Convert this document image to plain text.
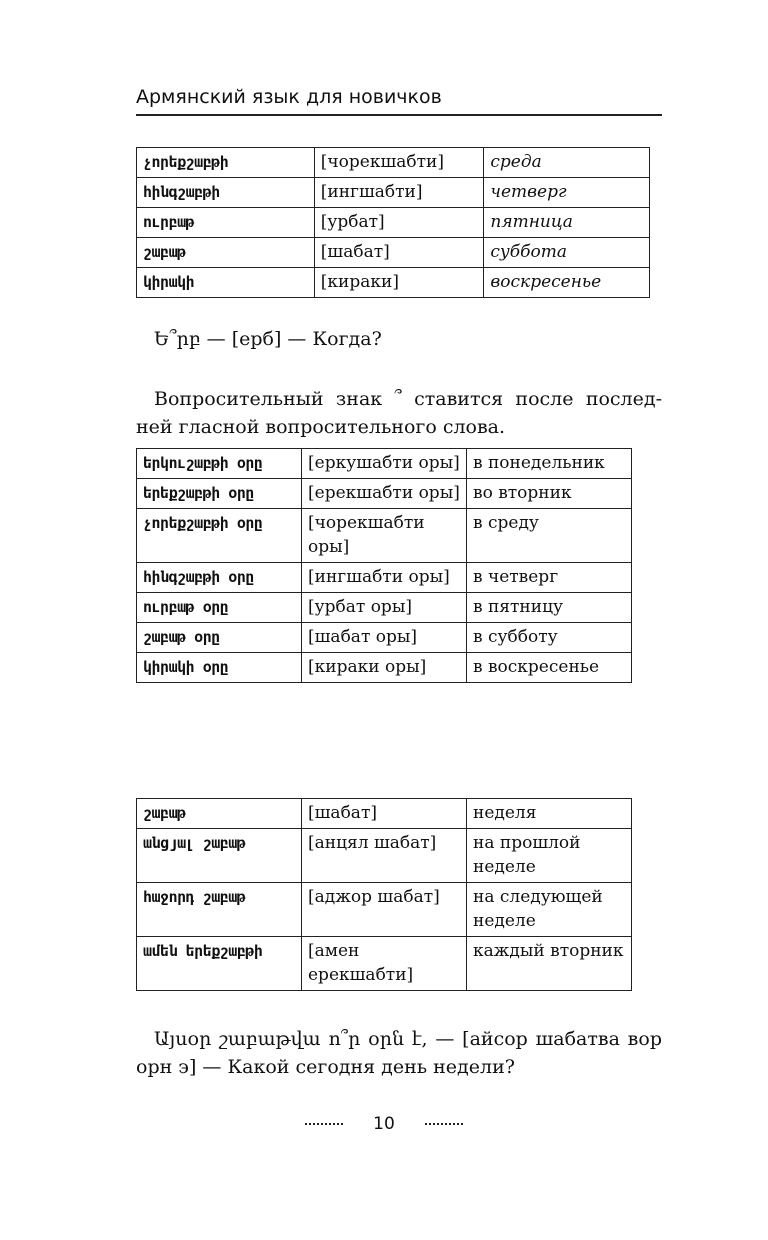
Армянский язык для новичков
չորեքշաբթի	[чорекшабти]	среда
հինգշաբթի	[ингшабти]	четверг
ուրբաթ	[урбат]	пятница
շաբաթ	[шабат]	суббота
կիրակի	[кираки]	воскресенье
Ե՞րբ — [ерб] — Когда?
Вопросительный знак ՞ ставится после послед-
ней гласной вопросительного слова.
երկուշաբթի օրը	[еркушабти оры]	в понедельник
երեքշաբթի օրը	[ерекшабти оры]	во вторник
չորեքշաբթի օրը	[чорекшабти оры]	в среду
հինգշաբթի օրը	[ингшабти оры]	в четверг
ուրբաթ օրը	[урбат оры]	в пятницу
շաբաթ օրը	[шабат оры]	в субботу
կիրակի օրը	[кираки оры]	в воскресенье
շաբաթ	[шабат]	неделя
անցյալ շաբաթ	[анцял шабат]	на прошлой неделе
հաջորդ շաբաթ	[аджор шабат]	на следующей неделе
ամեն երեքշաբթի	[амен ерекшабти]	каждый вторник
Այսօր շաբաթվա ո՞ր օրն է, — [айсор шабатва вор
орн э] — Какой сегодня день недели?
10
